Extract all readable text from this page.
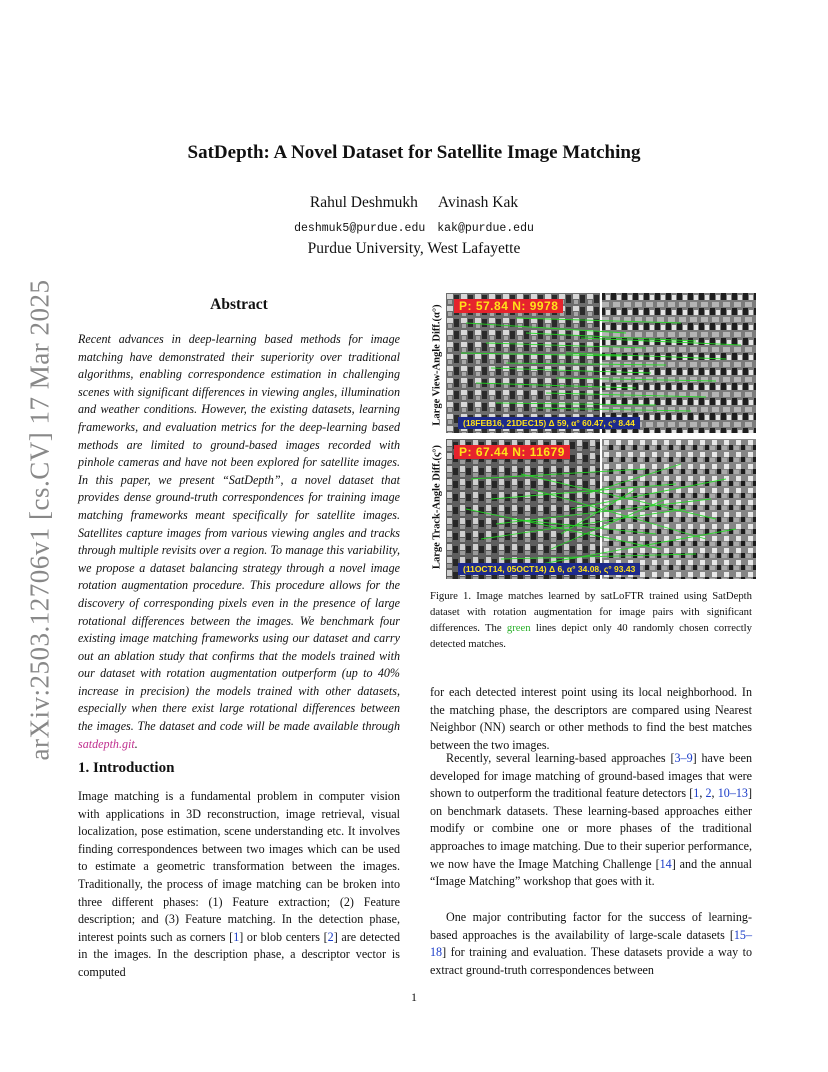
arXiv:2503.12706v1 [cs.CV] 17 Mar 2025
SatDepth: A Novel Dataset for Satellite Image Matching
Rahul Deshmukh Avinash Kak
deshmuk5@purdue.edu kak@purdue.edu
Purdue University, West Lafayette
Abstract
Recent advances in deep-learning based methods for image matching have demonstrated their superiority over traditional algorithms, enabling correspondence estimation in challenging scenes with significant differences in viewing angles, illumination and weather conditions. However, the existing datasets, learning frameworks, and evaluation metrics for the deep-learning based methods are limited to ground-based images recorded with pinhole cameras and have not been explored for satellite images. In this paper, we present “SatDepth”, a novel dataset that provides dense ground-truth correspondences for training image matching frameworks meant specifically for satellite images. Satellites capture images from various viewing angles and tracks through multiple revisits over a region. To manage this variability, we propose a dataset balancing strategy through a novel image rotation augmentation procedure. This procedure allows for the discovery of corresponding pixels even in the presence of large rotational differences between the images. We benchmark four existing image matching frameworks using our dataset and carry out an ablation study that confirms that the models trained with our dataset with rotation augmentation outperform (up to 40% increase in precision) the models trained with other datasets, especially when there exist large rotational differences between the images. The dataset and code will be made available through satdepth.git.
1. Introduction
Image matching is a fundamental problem in computer vision with applications in 3D reconstruction, image retrieval, visual localization, pose estimation, scene understanding etc. It involves finding correspondences between two images which can be used to estimate a geometric transformation between the images. Traditionally, the process of image matching can be broken into three different phases: (1) Feature extraction; (2) Feature description; and (3) Feature matching. In the detection phase, interest points such as corners [1] or blob centers [2] are detected in the images. In the description phase, a descriptor vector is computed
Large View-Angle Diff.(α°)
Large Track-Angle Diff.(ς°)
P: 57.84 N: 9978
(18FEB16, 21DEC15) Δ 59, α° 60.47, ς° 8.44
P: 67.44 N: 11679
(11OCT14, 05OCT14) Δ 6, α° 34.08, ς° 93.43
Figure 1. Image matches learned by satLoFTR trained using SatDepth dataset with rotation augmentation for image pairs with significant differences. The green lines depict only 40 randomly chosen correctly detected matches.
for each detected interest point using its local neighborhood. In the matching phase, the descriptors are compared using Nearest Neighbor (NN) search or other methods to find the best matches between the two images.
Recently, several learning-based approaches [3–9] have been developed for image matching of ground-based images that were shown to outperform the traditional feature detectors [1, 2, 10–13] on benchmark datasets. These learning-based approaches either modify or combine one or more phases of the traditional approaches to image matching. Due to their superior performance, we now have the Image Matching Challenge [14] and the annual “Image Matching” workshop that goes with it.
One major contributing factor for the success of learning-based approaches is the availability of large-scale datasets [15–18] for training and evaluation. These datasets provide a way to extract ground-truth correspondences between
1
